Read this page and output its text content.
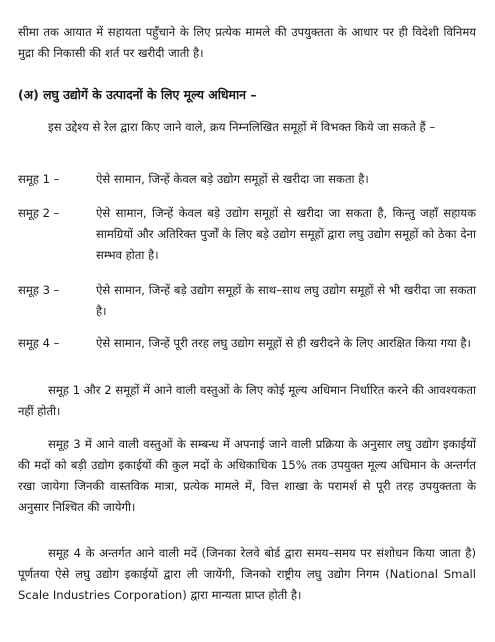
सीमा तक आयात में सहायता पहुँचाने के लिए प्रत्येक मामले की उपयुक्तता के आधार पर ही विदेशी विनिमय मुद्रा की निकासी की शर्त पर खरीदी जाती है।

(अ) लघु उद्योगें के उत्पादनों के लिए मूल्य अधिमान –

इस उद्देश्य से रेल द्वारा किए जाने वाले, क्रय निम्नलिखित समूहों में विभक्त किये जा सकते हैं –

समूह 1 –	ऐसे सामान, जिन्हें केवल बड़े उद्योग समूहों से खरीदा जा सकता है।
समूह 2 –	ऐसे सामान, जिन्हें केवल बड़े उद्योग समूहों से खरीदा जा सकता है, किन्तु जहाँ सहायक सामग्रियों और अतिरिक्त पुर्जों के लिए बड़े उद्योग समूहों द्वारा लघु उद्योग समूहों को ठेका देना सम्भव होता है।
समूह 3 –	ऐसे सामान, जिन्हें बड़े उद्योग समूहों के साथ–साथ लघु उद्योग समूहों से भी खरीदा जा सकता है।
समूह 4 –	ऐसे सामान, जिन्हें पूरी तरह लघु उद्योग समूहों से ही खरीदने के लिए आरक्षित किया गया है।

समूह 1 और 2 समूहों में आने वाली वस्तुओं के लिए कोई मूल्य अधिमान निर्धारित करने की आवश्यकता नहीं होती।

समूह 3 में आने वाली वस्तुओं के सम्बन्ध में अपनाई जाने वाली प्रक्रिया के अनुसार लघु उद्योग इकाईयों की मदों को बड़ी उद्योग इकाईयों की कुल मदों के अधिकाधिक 15% तक उपयुक्त मूल्य अधिमान के अन्तर्गत रखा जायेगा जिनकी वास्तविक मात्रा, प्रत्येक मामले में, वित्त शाखा के परामर्श से पूरी तरह उपयुक्तता के अनुसार निश्चित की जायेगी।

समूह 4 के अन्तर्गत आने वाली मदें (जिनका रेलवे बोर्ड द्वारा समय–समय पर संशोधन किया जाता है) पूर्णतया ऐसे लघु उद्योग इकाईयों द्वारा ली जायेंगी, जिनको राष्ट्रीय लघु उद्योग निगम (National Small Scale Industries Corporation) द्वारा मान्यता प्राप्त होती है।
